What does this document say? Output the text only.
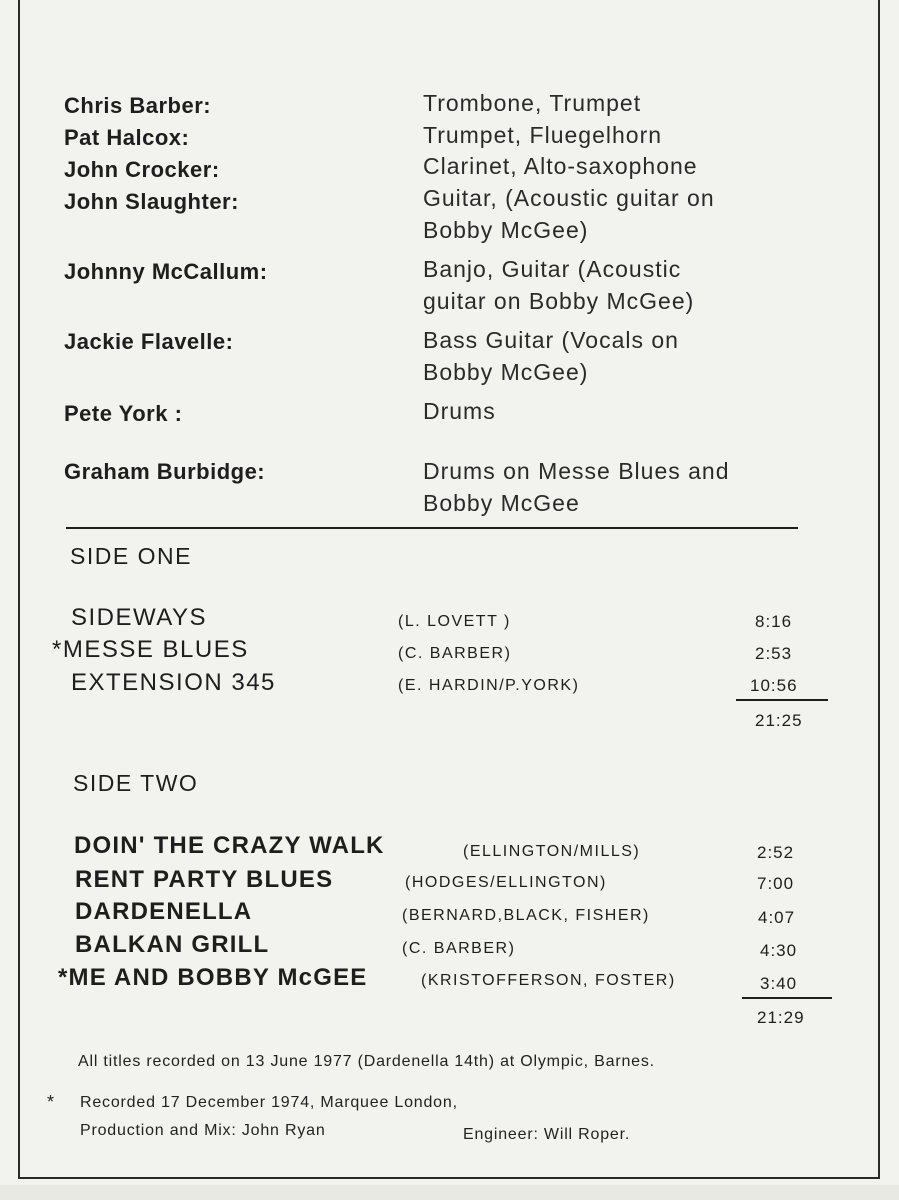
Chris Barber:	Trombone, Trumpet
Pat Halcox:	Trumpet, Fluegelhorn
John Crocker:	Clarinet, Alto-saxophone
John Slaughter:	Guitar, (Acoustic guitar on
Bobby McGee)
Johnny McCallum:	Banjo, Guitar (Acoustic
guitar on Bobby McGee)
Jackie Flavelle:	Bass Guitar (Vocals on
Bobby McGee)
Pete York :	Drums
Graham Burbidge:	Drums on Messe Blues and
Bobby McGee
SIDE ONE
SIDEWAYS	(L. LOVETT )	8:16
*MESSE BLUES	(C. BARBER)	2:53
EXTENSION 345	(E. HARDIN/P.YORK)	10:56
21:25
SIDE TWO
DOIN' THE CRAZY WALK	(ELLINGTON/MILLS)	2:52
RENT PARTY BLUES	(HODGES/ELLINGTON)	7:00
DARDENELLA	(BERNARD,BLACK, FISHER)	4:07
BALKAN GRILL	(C. BARBER)	4:30
*ME AND BOBBY McGEE	(KRISTOFFERSON, FOSTER)	3:40
21:29
All titles recorded on 13 June 1977 (Dardenella 14th) at Olympic, Barnes.
* Recorded 17 December 1974, Marquee London,
Production and Mix: John Ryan	Engineer: Will Roper.
